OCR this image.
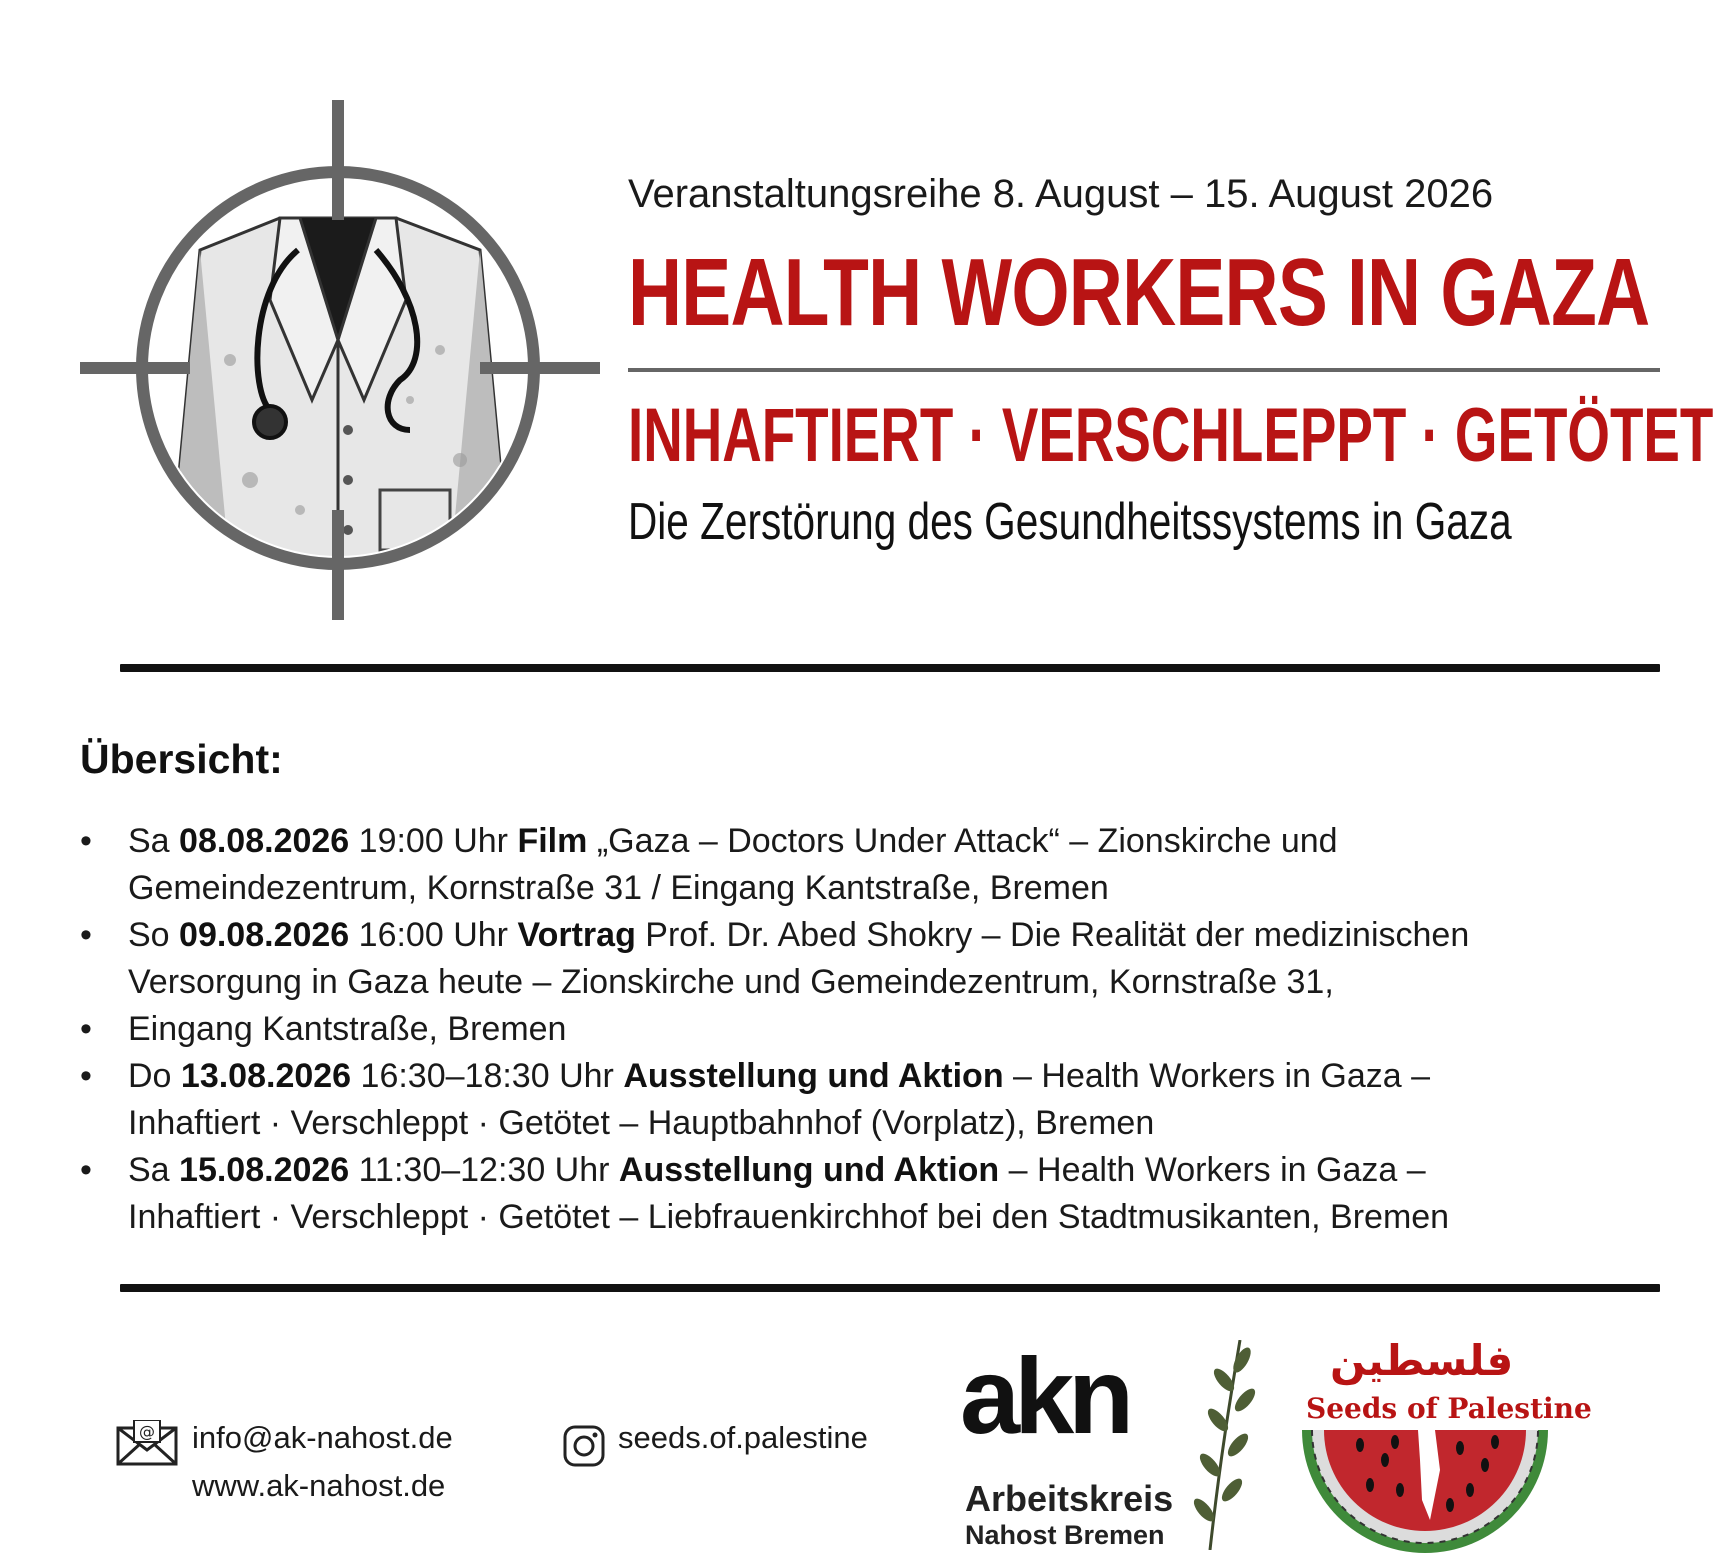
Veranstaltungsreihe 8. August – 15. August 2026
HEALTH WORKERS IN GAZA
INHAFTIERT · VERSCHLEPPT · GETÖTET
Die Zerstörung des Gesundheitssystems in Gaza
Übersicht:
•	Sa 08.08.2026 19:00 Uhr Film „Gaza – Doctors Under Attack“ – Zionskirche und
Gemeindezentrum, Kornstraße 31 / Eingang Kantstraße, Bremen
•	So 09.08.2026 16:00 Uhr Vortrag Prof. Dr. Abed Shokry – Die Realität der medizinischen
Versorgung in Gaza heute – Zionskirche und Gemeindezentrum, Kornstraße 31,
•	Eingang Kantstraße, Bremen
•	Do 13.08.2026 16:30–18:30 Uhr Ausstellung und Aktion – Health Workers in Gaza –
Inhaftiert · Verschleppt · Getötet – Hauptbahnhof (Vorplatz), Bremen
•	Sa 15.08.2026 11:30–12:30 Uhr Ausstellung und Aktion – Health Workers in Gaza –
Inhaftiert · Verschleppt · Getötet – Liebfrauenkirchhof bei den Stadtmusikanten, Bremen
@ info@ak-nahost.de
www.ak-nahost.de
seeds.of.palestine akn
Arbeitskreis
Nahost Bremen
فلسطين
Seeds of Palestine
